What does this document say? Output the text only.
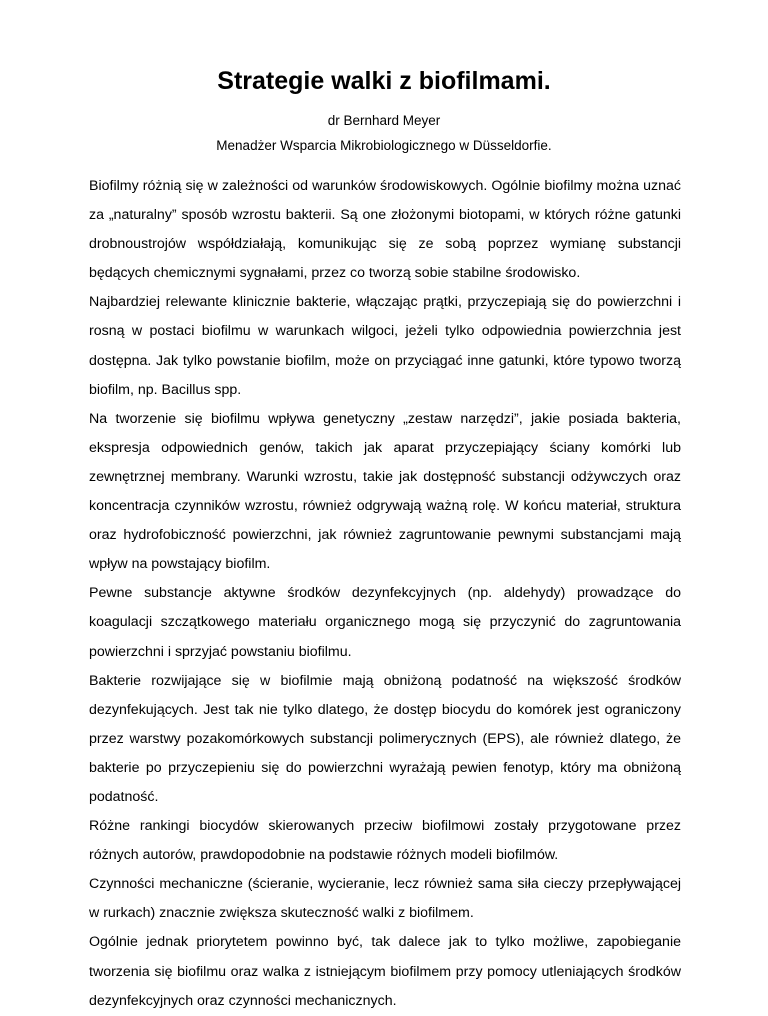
Strategie walki z biofilmami.
dr Bernhard Meyer
Menadżer Wsparcia Mikrobiologicznego w Düsseldorfie.

Biofilmy różnią się w zależności od warunków środowiskowych. Ogólnie biofilmy można uznać za „naturalny” sposób wzrostu bakterii. Są one złożonymi biotopami, w których różne gatunki drobnoustrojów współdziałają, komunikując się ze sobą poprzez wymianę substancji będących chemicznymi sygnałami, przez co tworzą sobie stabilne środowisko.

Najbardziej relewante klinicznie bakterie, włączając prątki, przyczepiają się do powierzchni i rosną w postaci biofilmu w warunkach wilgoci, jeżeli tylko odpowiednia powierzchnia jest dostępna. Jak tylko powstanie biofilm, może on przyciągać inne gatunki, które typowo tworzą biofilm, np. Bacillus spp.

Na tworzenie się biofilmu wpływa genetyczny „zestaw narzędzi”, jakie posiada bakteria, ekspresja odpowiednich genów, takich jak aparat przyczepiający ściany komórki lub zewnętrznej membrany. Warunki wzrostu, takie jak dostępność substancji odżywczych oraz koncentracja czynników wzrostu, również odgrywają ważną rolę. W końcu materiał, struktura oraz hydrofobiczność powierzchni, jak również zagruntowanie pewnymi substancjami mają wpływ na powstający biofilm.

Pewne substancje aktywne środków dezynfekcyjnych (np. aldehydy) prowadzące do koagulacji szczątkowego materiału organicznego mogą się przyczynić do zagruntowania powierzchni i sprzyjać powstaniu biofilmu.

Bakterie rozwijające się w biofilmie mają obniżoną podatność na większość środków dezynfekujących. Jest tak nie tylko dlatego, że dostęp biocydu do komórek jest ograniczony przez warstwy pozakomórkowych substancji polimerycznych (EPS), ale również dlatego, że bakterie po przyczepieniu się do powierzchni wyrażają pewien fenotyp, który ma obniżoną podatność.

Różne rankingi biocydów skierowanych przeciw biofilmowi zostały przygotowane przez różnych autorów, prawdopodobnie na podstawie różnych modeli biofilmów.

Czynności mechaniczne (ścieranie, wycieranie, lecz również sama siła cieczy przepływającej w rurkach) znacznie zwiększa skuteczność walki z biofilmem.

Ogólnie jednak priorytetem powinno być, tak dalece jak to tylko możliwe, zapobieganie tworzenia się biofilmu oraz walka z istniejącym biofilmem przy pomocy utleniających środków dezynfekcyjnych oraz czynności mechanicznych.
